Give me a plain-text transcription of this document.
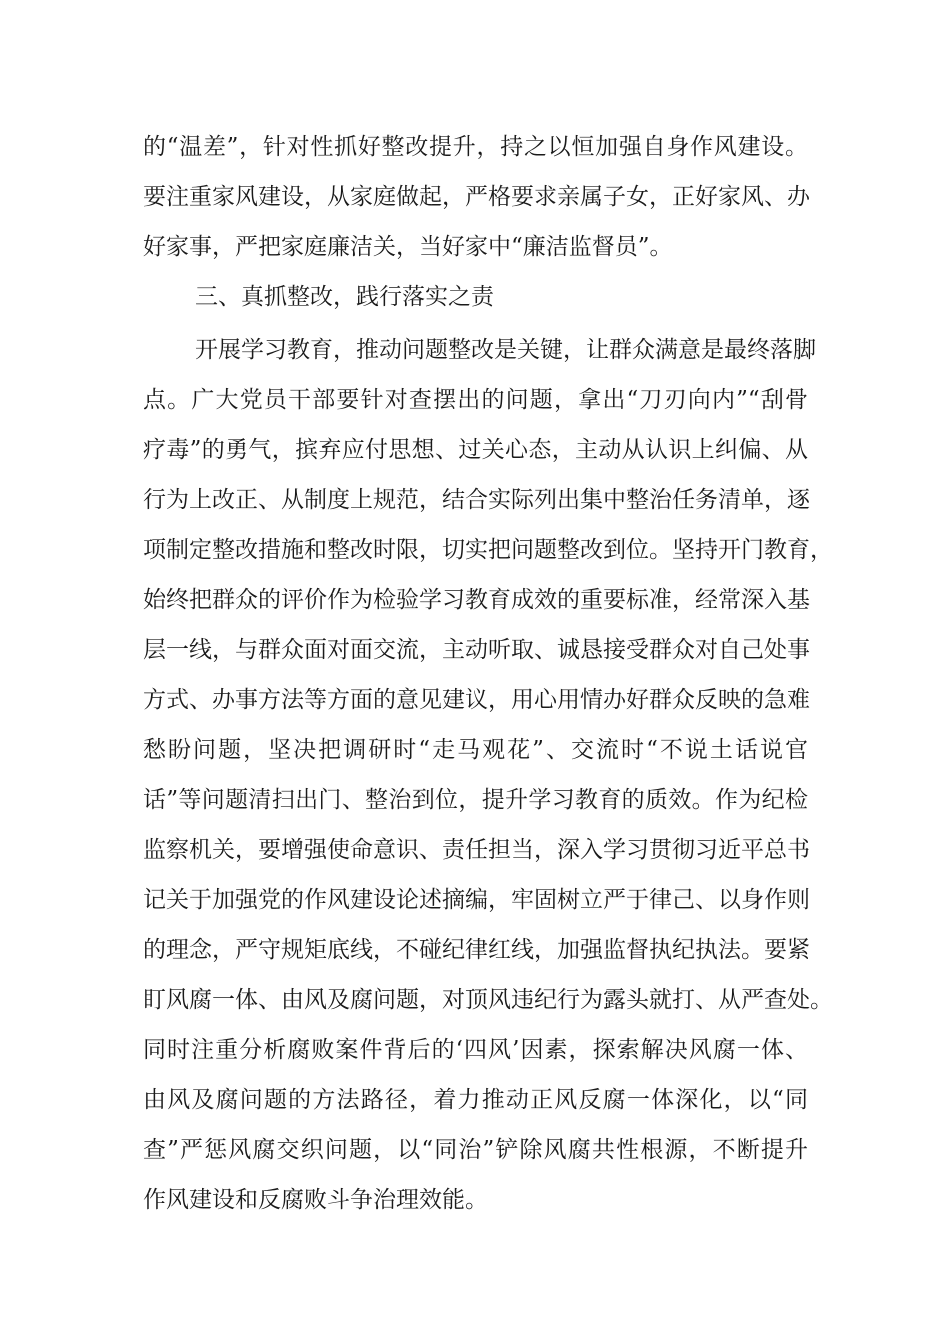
的“温差”，针对性抓好整改提升，持之以恒加强自身作风建设。
要注重家风建设，从家庭做起，严格要求亲属子女，正好家风、办
好家事，严把家庭廉洁关，当好家中“廉洁监督员”。
三、真抓整改，践行落实之责
开展学习教育，推动问题整改是关键，让群众满意是最终落脚
点。广大党员干部要针对查摆出的问题，拿出“刀刃向内”“刮骨
疗毒”的勇气，摈弃应付思想、过关心态，主动从认识上纠偏、从
行为上改正、从制度上规范，结合实际列出集中整治任务清单，逐
项制定整改措施和整改时限，切实把问题整改到位。坚持开门教育，
始终把群众的评价作为检验学习教育成效的重要标准，经常深入基
层一线，与群众面对面交流，主动听取、诚恳接受群众对自己处事
方式、办事方法等方面的意见建议，用心用情办好群众反映的急难
愁盼问题，坚决把调研时“走马观花”、交流时“不说土话说官
话”等问题清扫出门、整治到位，提升学习教育的质效。作为纪检
监察机关，要增强使命意识、责任担当，深入学习贯彻习近平总书
记关于加强党的作风建设论述摘编，牢固树立严于律己、以身作则
的理念，严守规矩底线，不碰纪律红线，加强监督执纪执法。要紧
盯风腐一体、由风及腐问题，对顶风违纪行为露头就打、从严查处。
同时注重分析腐败案件背后的‘四风’因素，探索解决风腐一体、
由风及腐问题的方法路径，着力推动正风反腐一体深化，以“同
查”严惩风腐交织问题，以“同治”铲除风腐共性根源，不断提升
作风建设和反腐败斗争治理效能。
